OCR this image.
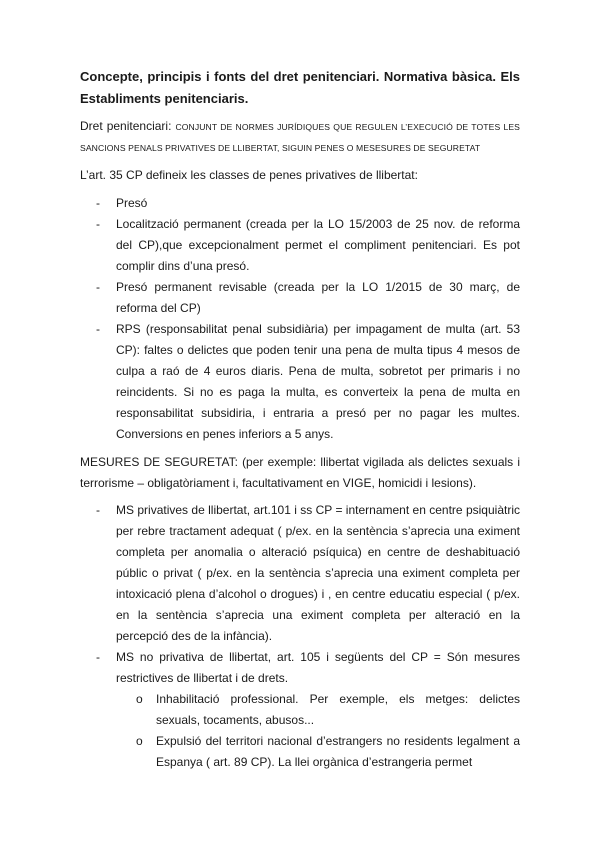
Concepte, principis i fonts del dret penitenciari. Normativa bàsica. Els Establiments penitenciaris.
Dret penitenciari: CONJUNT DE NORMES JURÍDIQUES QUE REGULEN L’EXECUCIÓ DE TOTES LES SANCIONS PENALS PRIVATIVES DE LLIBERTAT, SIGUIN PENES O MESESURES DE SEGURETAT
L’art. 35 CP defineix les classes de penes privatives de llibertat:
- Presó
- Localització permanent (creada per la LO 15/2003 de 25 nov. de reforma del CP),que excepcionalment permet el compliment penitenciari. Es pot complir dins d’una presó.
- Presó permanent revisable (creada per la LO 1/2015 de 30 març, de reforma del CP)
- RPS (responsabilitat penal subsidiària) per impagament de multa (art. 53 CP): faltes o delictes que poden tenir una pena de multa tipus 4 mesos de culpa a raó de 4 euros diaris. Pena de multa, sobretot per primaris i no reincidents. Si no es paga la multa, es converteix la pena de multa en responsabilitat subsidiria, i entraria a presó per no pagar les multes. Conversions en penes inferiors a 5 anys.
MESURES DE SEGURETAT: (per exemple: llibertat vigilada als delictes sexuals i terrorisme – obligatòriament i, facultativament en VIGE, homicidi i lesions).
- MS privatives de llibertat, art.101 i ss CP = internament en centre psiquiàtric per rebre tractament adequat ( p/ex. en la sentència s’aprecia una eximent completa per anomalia o alteració psíquica) en centre de deshabituació públic o privat ( p/ex. en la sentència s’aprecia una eximent completa per intoxicació plena d’alcohol o drogues) i , en centre educatiu especial ( p/ex. en la sentència s’aprecia una eximent completa per alteració en la percepció des de la infància).
- MS no privativa de llibertat, art. 105 i següents del CP = Són mesures restrictives de llibertat i de drets.
o Inhabilitació professional. Per exemple, els metges: delictes sexuals, tocaments, abusos...
o Expulsió del territori nacional d’estrangers no residents legalment a Espanya ( art. 89 CP). La llei orgànica d’estrangeria permet
